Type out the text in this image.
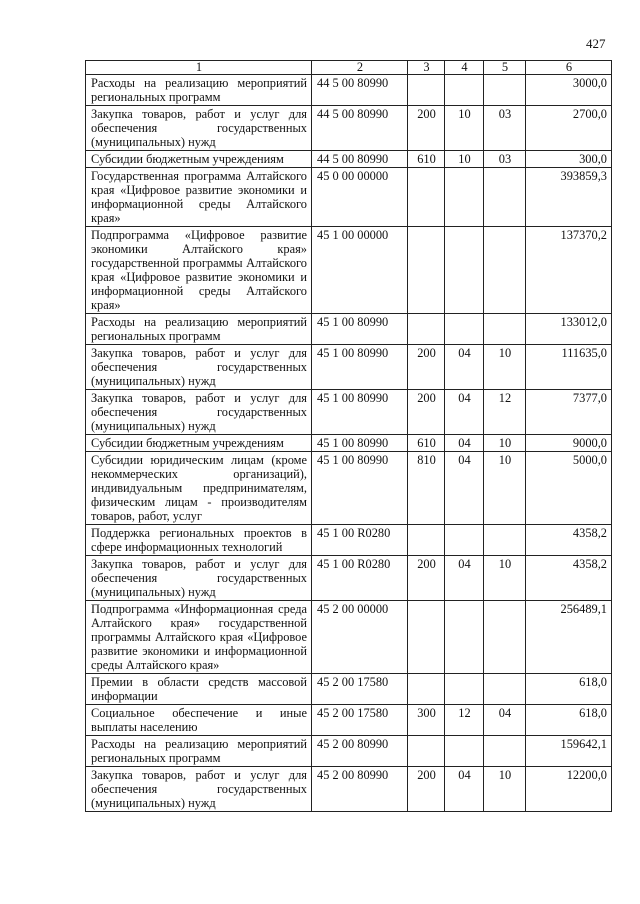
427
1	2	3	4	5	6
Расходы на реализацию мероприятий региональных программ	44 5 00 80990				3000,0
Закупка товаров, работ и услуг для обеспечения государственных (муниципальных) нужд	44 5 00 80990	200	10	03	2700,0
Субсидии бюджетным учреждениям	44 5 00 80990	610	10	03	300,0
Государственная программа Алтайского края «Цифровое развитие экономики и информационной среды Алтайского края»	45 0 00 00000				393859,3
Подпрограмма «Цифровое развитие экономики Алтайского края» государственной программы Алтайского края «Цифровое развитие экономики и информационной среды Алтайского края»	45 1 00 00000				137370,2
Расходы на реализацию мероприятий региональных программ	45 1 00 80990				133012,0
Закупка товаров, работ и услуг для обеспечения государственных (муниципальных) нужд	45 1 00 80990	200	04	10	111635,0
Закупка товаров, работ и услуг для обеспечения государственных (муниципальных) нужд	45 1 00 80990	200	04	12	7377,0
Субсидии бюджетным учреждениям	45 1 00 80990	610	04	10	9000,0
Субсидии юридическим лицам (кроме некоммерческих организаций), индивидуальным предпринимателям, физическим лицам - производителям товаров, работ, услуг	45 1 00 80990	810	04	10	5000,0
Поддержка региональных проектов в сфере информационных технологий	45 1 00 R0280				4358,2
Закупка товаров, работ и услуг для обеспечения государственных (муниципальных) нужд	45 1 00 R0280	200	04	10	4358,2
Подпрограмма «Информационная среда Алтайского края» государственной программы Алтайского края «Цифровое развитие экономики и информационной среды Алтайского края»	45 2 00 00000				256489,1
Премии в области средств массовой информации	45 2 00 17580				618,0
Социальное обеспечение и иные выплаты населению	45 2 00 17580	300	12	04	618,0
Расходы на реализацию мероприятий региональных программ	45 2 00 80990				159642,1
Закупка товаров, работ и услуг для обеспечения государственных (муниципальных) нужд	45 2 00 80990	200	04	10	12200,0
